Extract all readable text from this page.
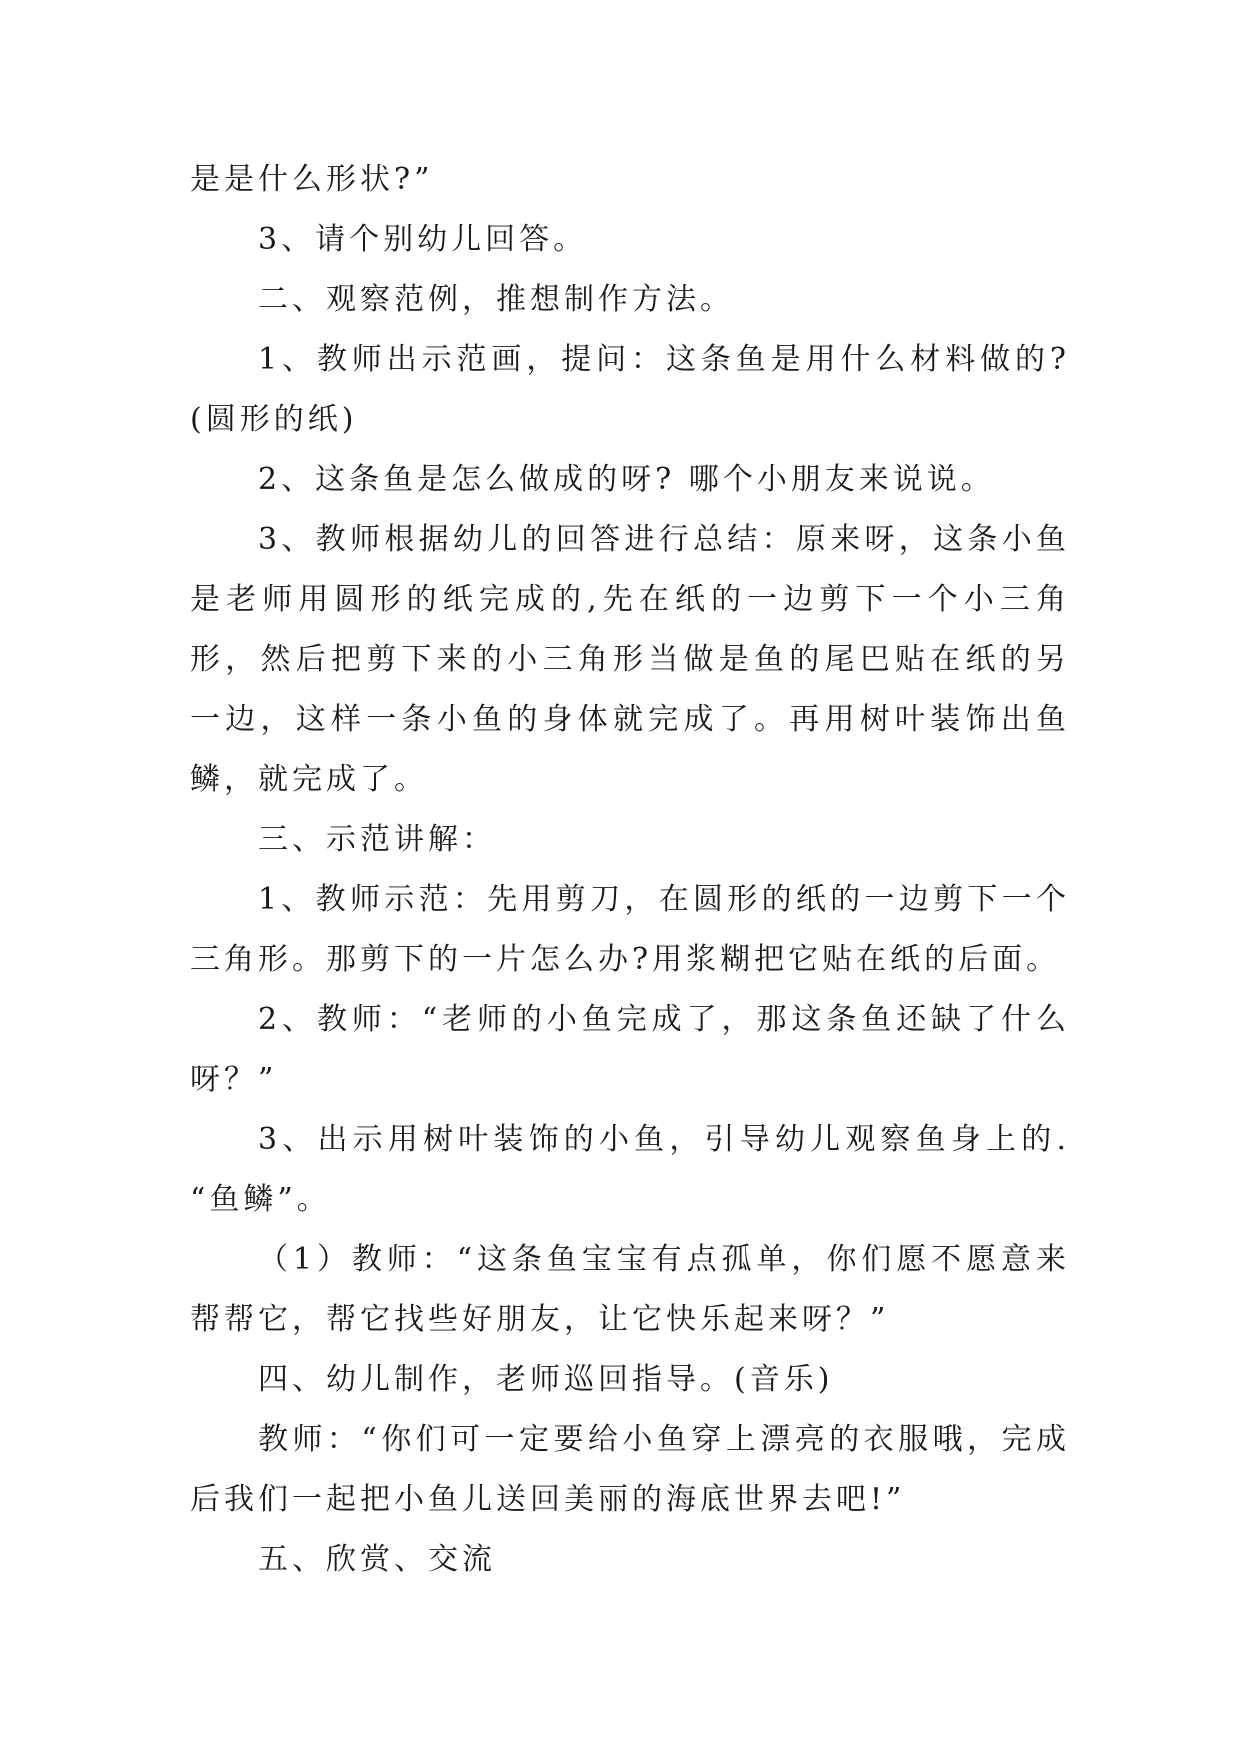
是是什么形状?”

3、请个别幼儿回答。

二、观察范例，推想制作方法。

1、教师出示范画，提问：这条鱼是用什么材料做的?(圆形的纸)

2、这条鱼是怎么做成的呀? 哪个小朋友来说说。

3、教师根据幼儿的回答进行总结：原来呀，这条小鱼是老师用圆形的纸完成的,先在纸的一边剪下一个小三角形，然后把剪下来的小三角形当做是鱼的尾巴贴在纸的另一边，这样一条小鱼的身体就完成了。再用树叶装饰出鱼鳞，就完成了。

三、示范讲解：

1、教师示范：先用剪刀，在圆形的纸的一边剪下一个三角形。那剪下的一片怎么办?用浆糊把它贴在纸的后面。

2、教师：“老师的小鱼完成了，那这条鱼还缺了什么呀？”

3、出示用树叶装饰的小鱼，引导幼儿观察鱼身上的. “鱼鳞”。

（1）教师：“这条鱼宝宝有点孤单，你们愿不愿意来帮帮它，帮它找些好朋友，让它快乐起来呀？”

四、幼儿制作，老师巡回指导。(音乐)

教师：“你们可一定要给小鱼穿上漂亮的衣服哦，完成后我们一起把小鱼儿送回美丽的海底世界去吧!”

五、欣赏、交流
